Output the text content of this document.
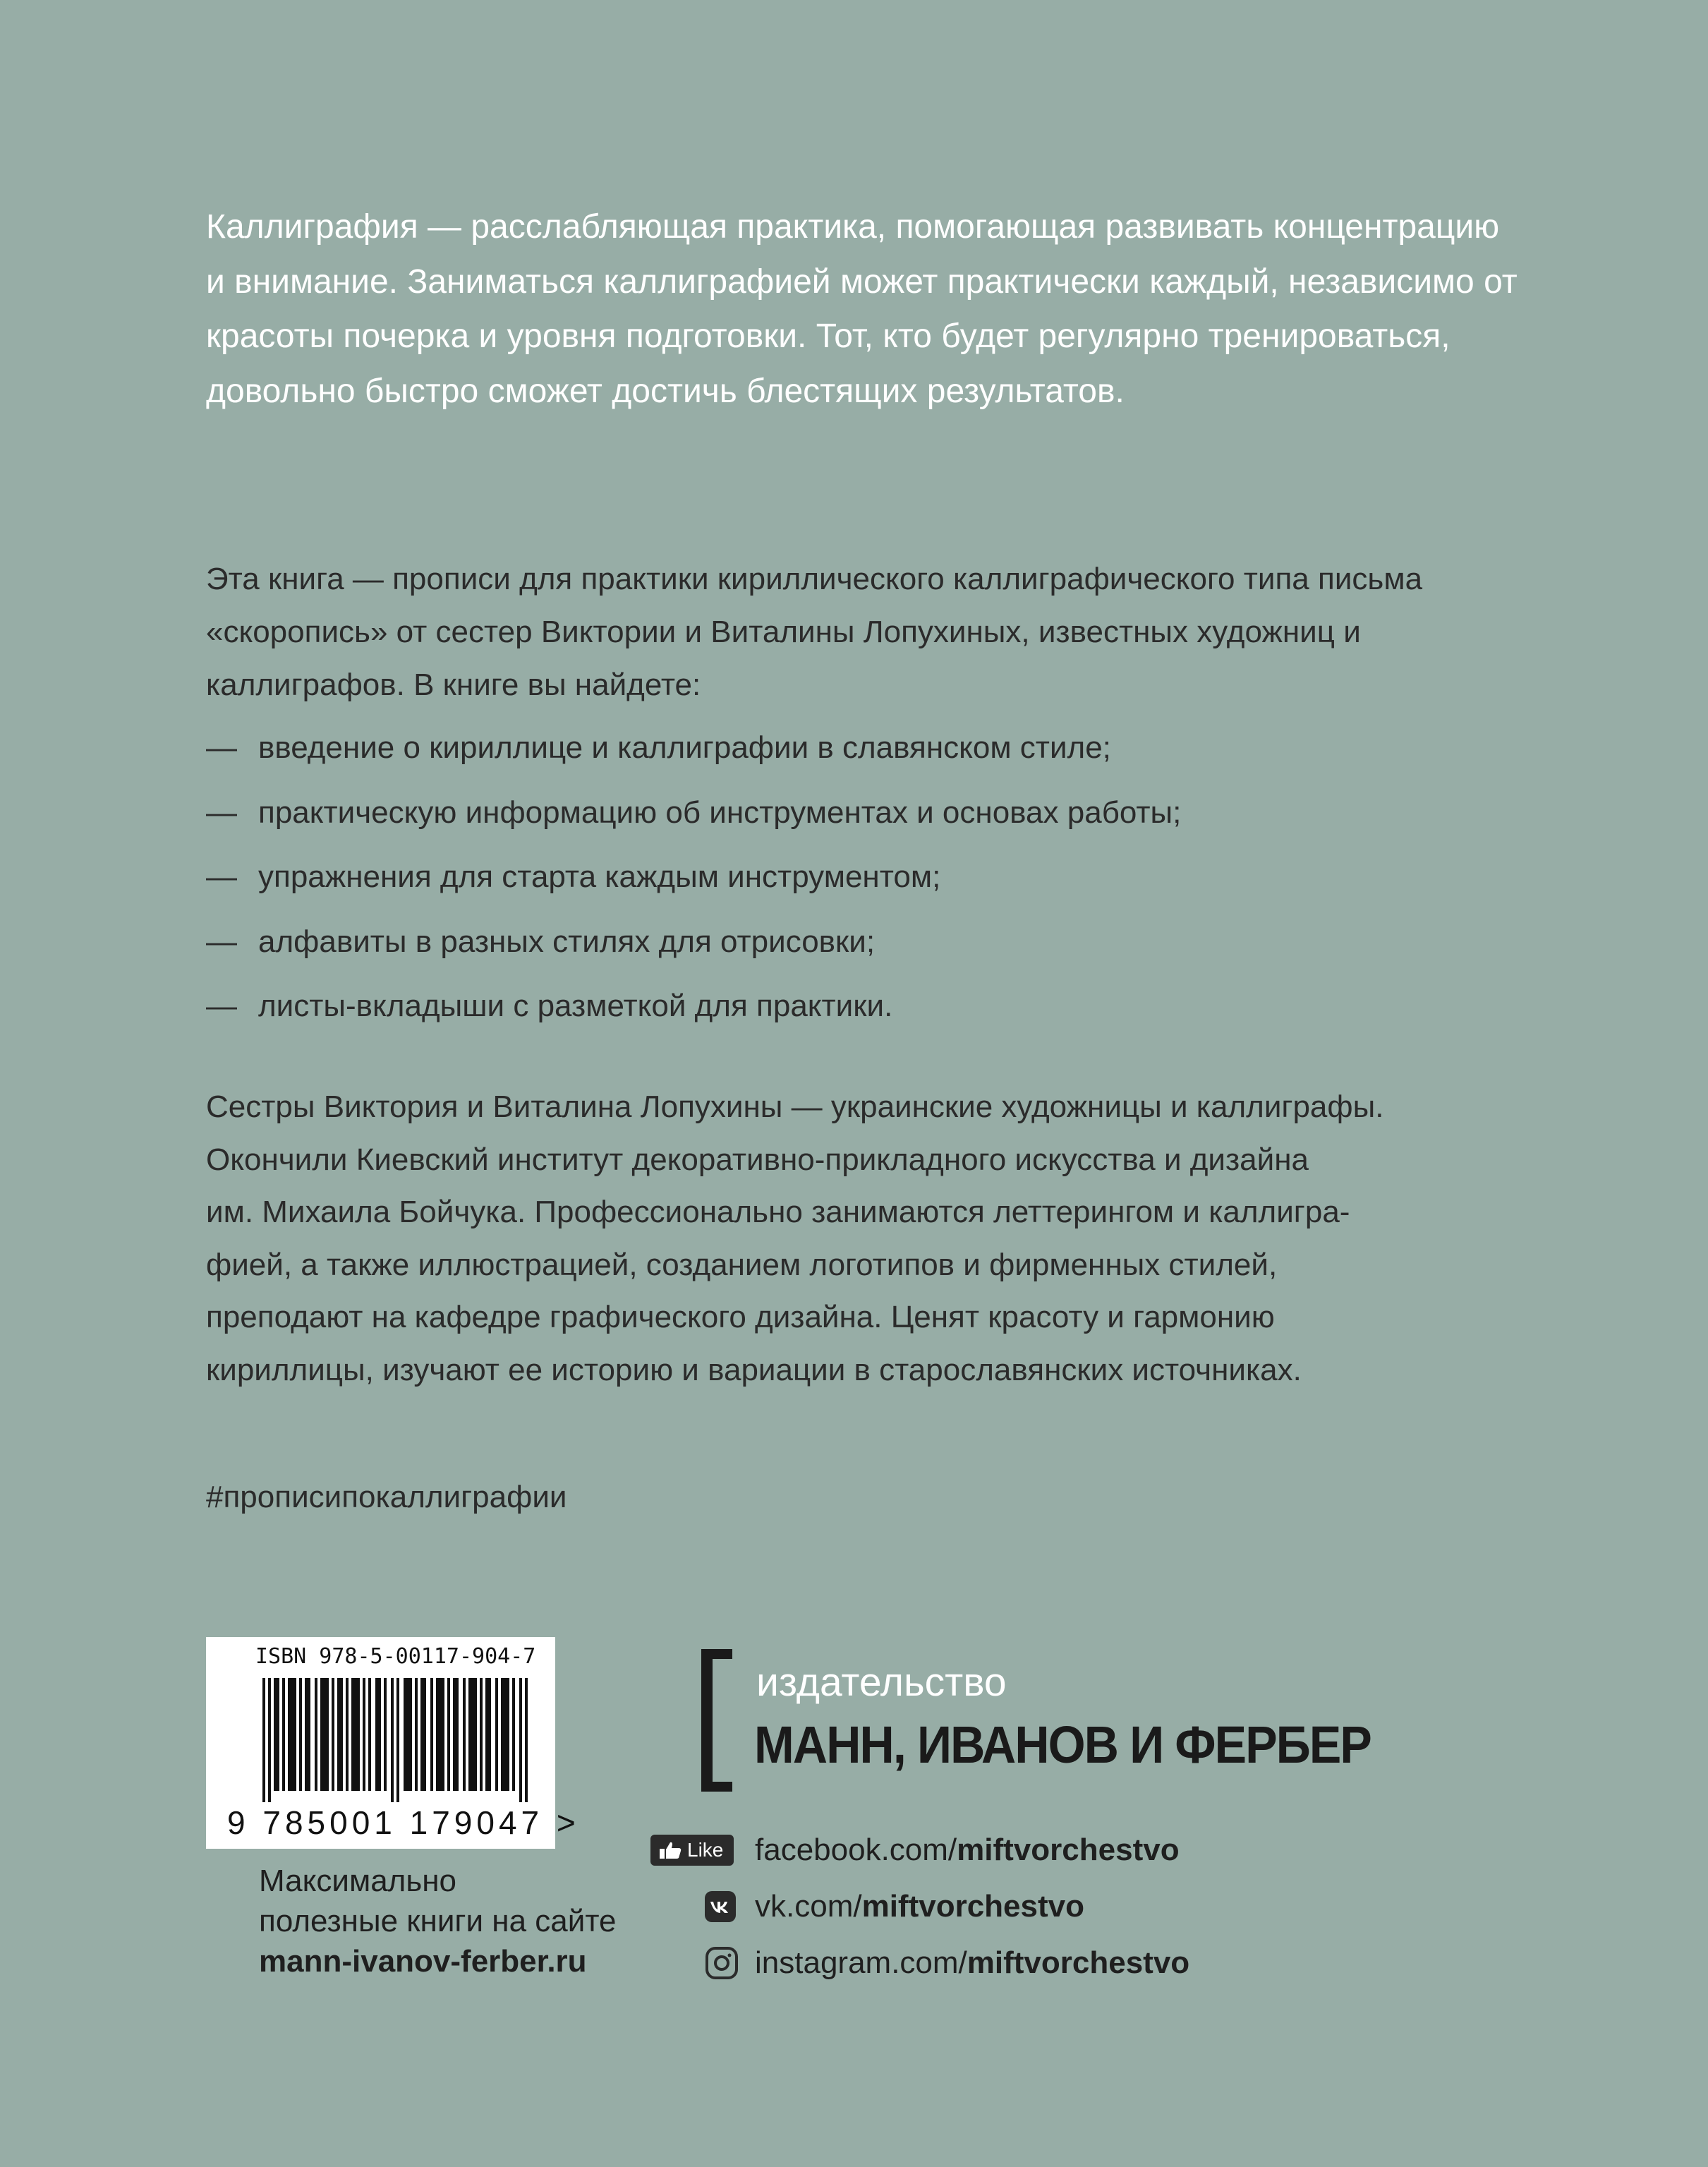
Каллиграфия — расслабляющая практика, помогающая развивать концентрацию и внимание. Заниматься каллиграфией может практически каждый, независимо от красоты почерка и уровня подготовки. Тот, кто будет регулярно тренироваться, довольно быстро сможет достичь блестящих результатов.

Эта книга — прописи для практики кириллического каллиграфического типа письма «скоропись» от сестер Виктории и Виталины Лопухиных, известных художниц и каллиграфов. В книге вы найдете:
— введение о кириллице и каллиграфии в славянском стиле;
— практическую информацию об инструментах и основах работы;
— упражнения для старта каждым инструментом;
— алфавиты в разных стилях для отрисовки;
— листы-вкладыши с разметкой для практики.
Сестры Виктория и Виталина Лопухины — украинские художницы и каллиграфы.
Окончили Киевский институт декоративно-прикладного искусства и дизайна
им. Михаила Бойчука. Профессионально занимаются леттерингом и каллигра-
фией, а также иллюстрацией, созданием логотипов и фирменных стилей,
преподают на кафедре графического дизайна. Ценят красоту и гармонию
кириллицы, изучают ее историю и вариации в старославянских источниках.
#прописипокаллиграфии
ISBN 978-5-00117-904-7
9 785001 179047 >
Максимально
полезные книги на сайте
mann-ivanov-ferber.ru
издательство
МАНН, ИВАНОВ И ФЕРБЕР
Like facebook.com/miftvorchestvo
vk.com/miftvorchestvo
instagram.com/miftvorchestvo
